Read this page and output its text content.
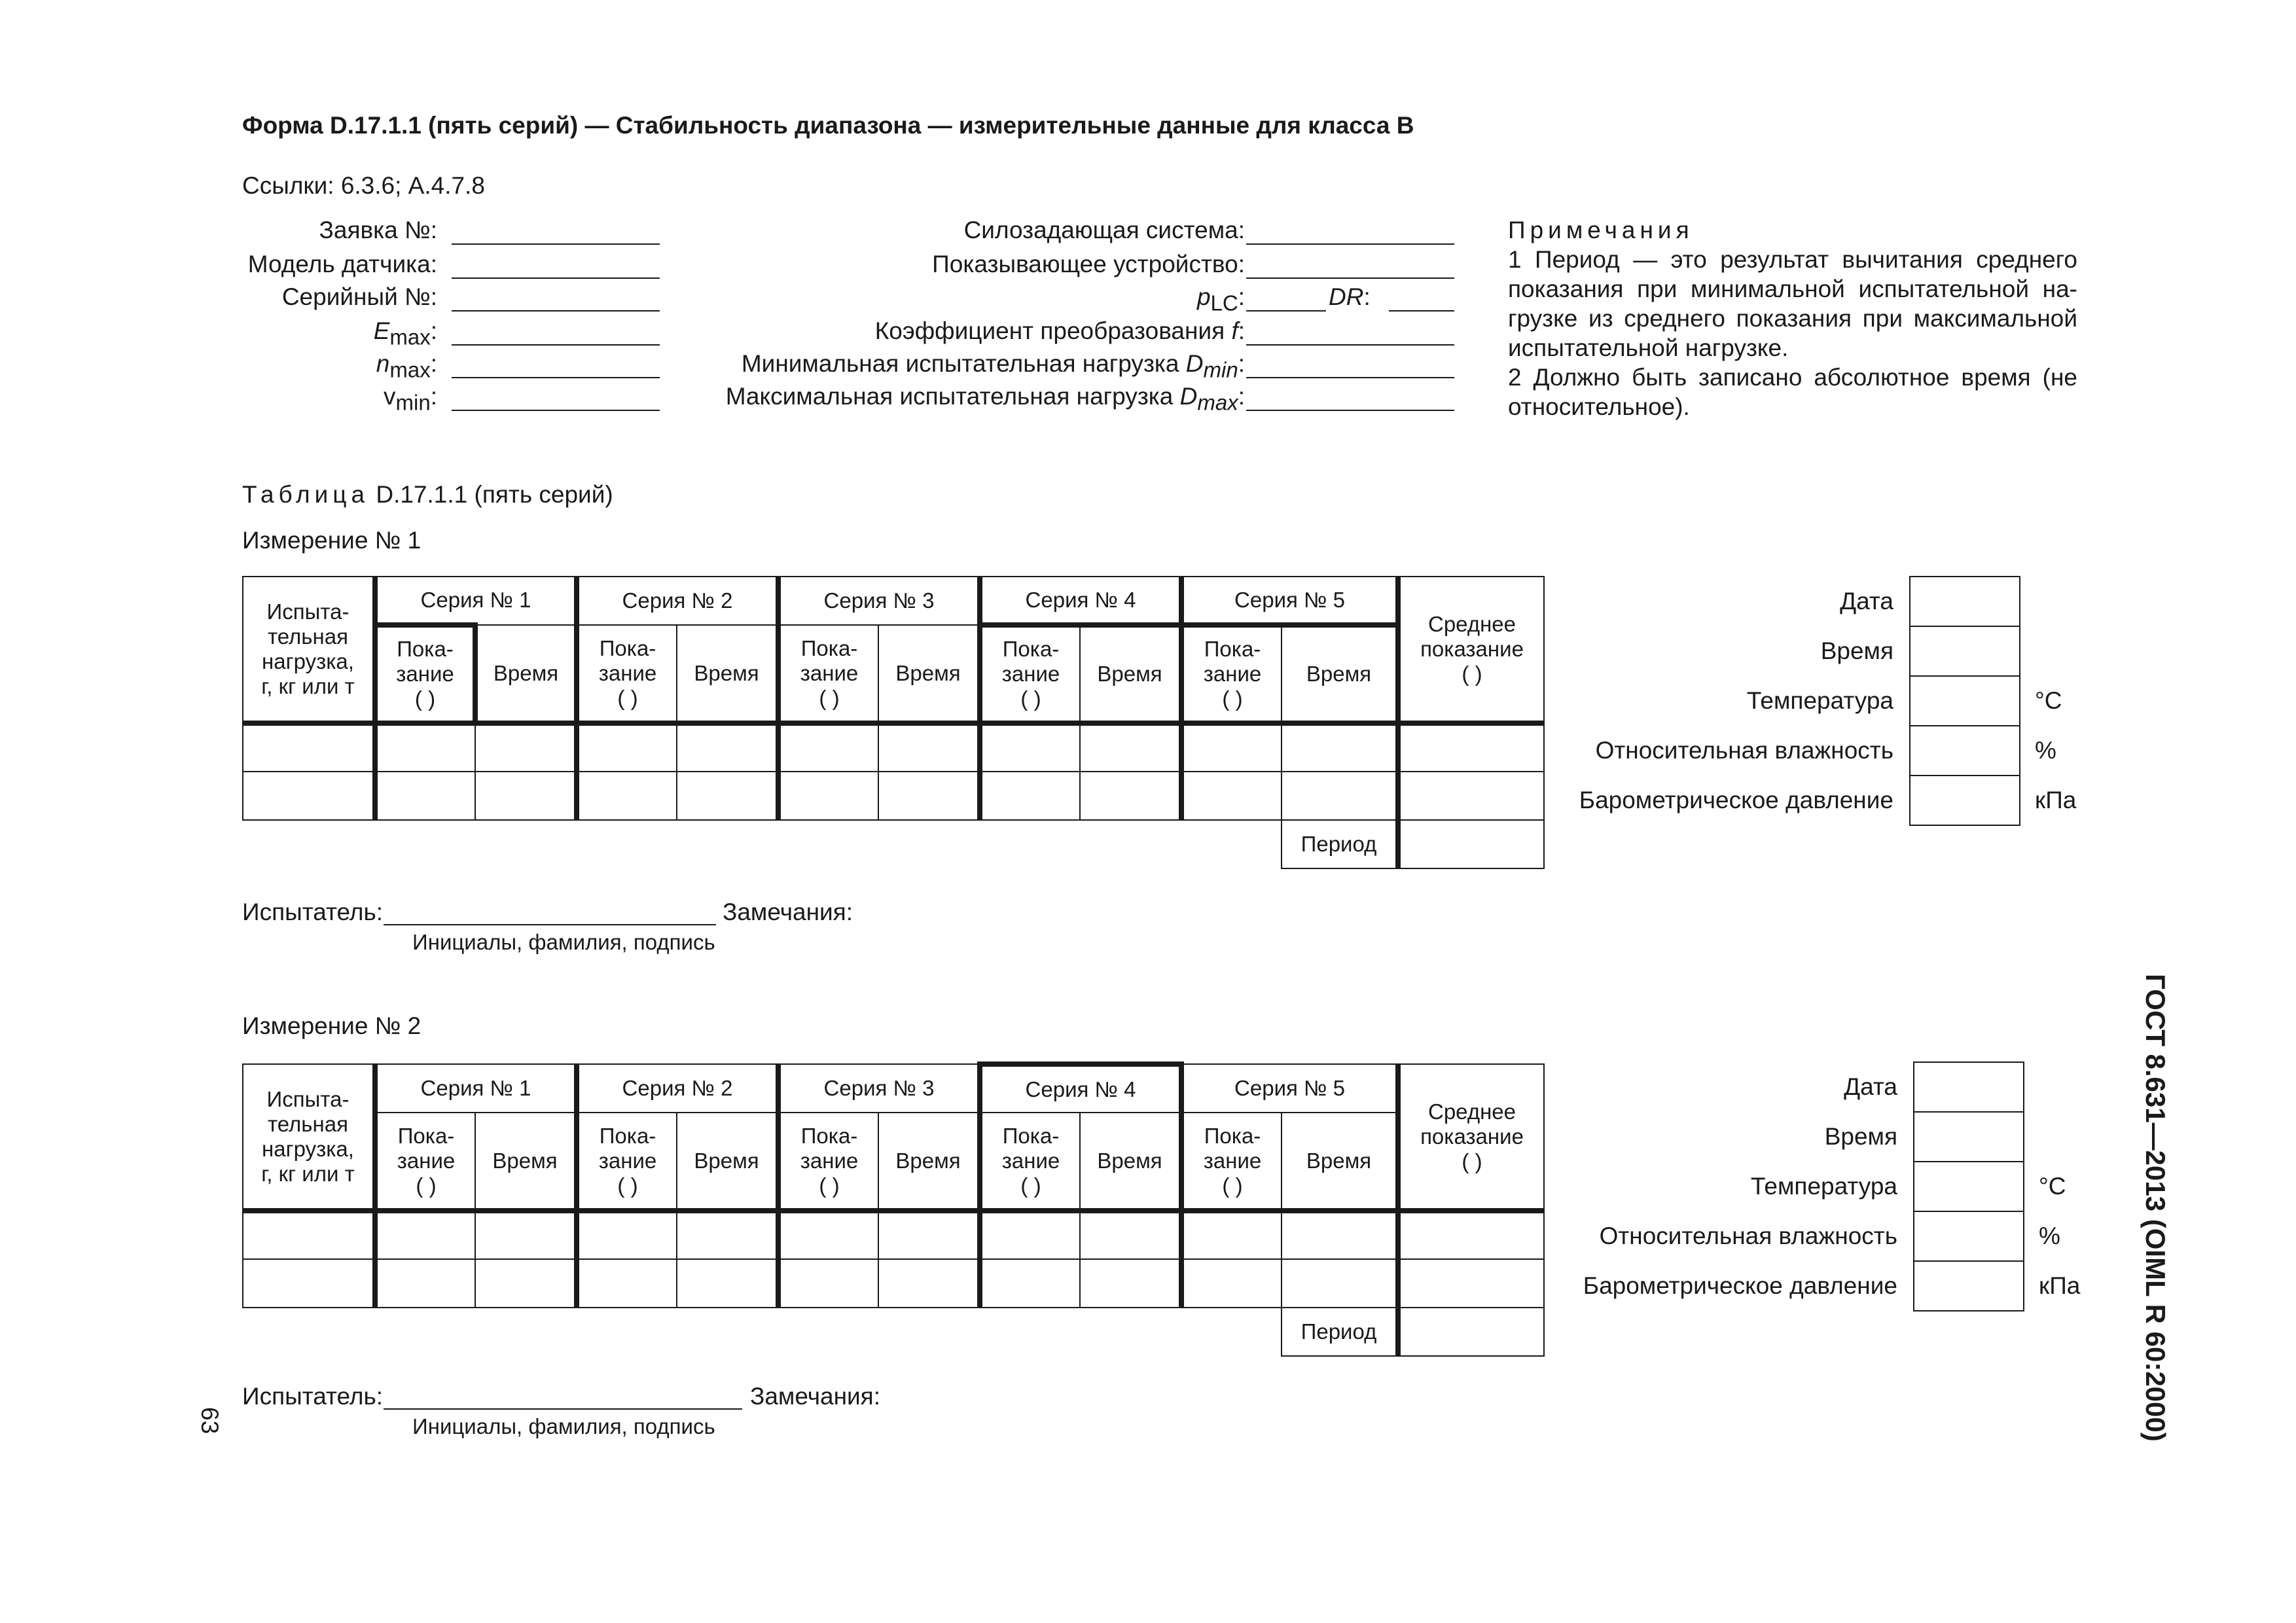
Форма D.17.1.1 (пять серий) — Стабильность диапазона — измерительные данные для класса В
Ссылки: 6.3.6; А.4.7.8
Заявка №:
Модель датчика:
Серийный №:
$E_{max}$:
$n_{max}$:
$v_{min}$:
Силозадающая система:
Показывающее устройство:
$p_{LC}$:	DR:
Коэффициент преобразования f:
Минимальная испытательная нагрузка $D_{min}$:
Максимальная испытательная нагрузка $D_{max}$:
Примечания

1 Период — это результат вычитания среднего показания при минимальной испытательной на-грузке из среднего показания при максимальной испытательной нагрузке.

2 Должно быть записано абсолютное время (не относительное).

Таблица D.17.1.1 (пять серий)
Измерение № 1
Испыта-
тельная
нагрузка,
г, кг или т	Серия № 1		Серия № 2		Серия № 3		Серия № 4		Серия № 5		Среднее
показание
( )
	Пока-
зание
( )	Время	Пока-
зание
( )	Время	Пока-
зание
( )	Время	Пока-
зание
( )	Время	Пока-
зание
( )	Время	

										Период	
Дата		
Время		
Температура		°С
Относительная влажность		%
Барометрическое давление		кПа
Испытатель:	Замечания:
Инициалы, фамилия, подпись
Измерение № 2
Испыта-
тельная
нагрузка,
г, кг или т	Серия № 1		Серия № 2		Серия № 3		Серия № 4		Серия № 5		Среднее
показание
( )
	Пока-
зание
( )	Время	Пока-
зание
( )	Время	Пока-
зание
( )	Время	Пока-
зание
( )	Время	Пока-
зание
( )	Время	

										Период	
Дата		
Время		
Температура		°С
Относительная влажность		%
Барометрическое давление		кПа
Испытатель:	Замечания:
Инициалы, фамилия, подпись	ГОСТ 8.631—2013 (OIML R 60:2000)
63
